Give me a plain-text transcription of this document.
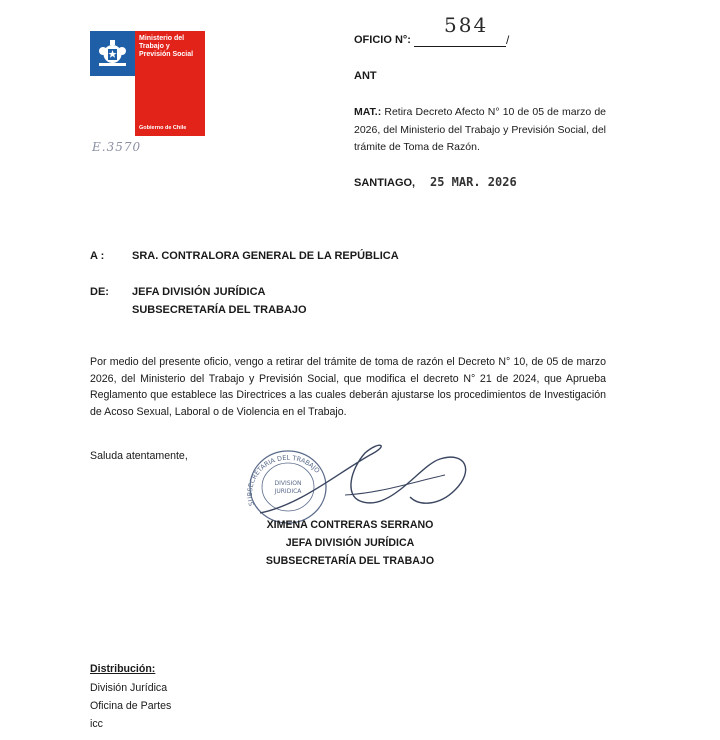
Ministerio del Trabajo y Previsión Social
Gobierno de Chile
E.3570
584
OFICIO N°:	/
ANT
MAT.: Retira Decreto Afecto N° 10 de 05 de marzo de 2026, del Ministerio del Trabajo y Previsión Social, del trámite de Toma de Razón.
SANTIAGO, 25 MAR. 2026
A :	SRA. CONTRALORA GENERAL DE LA REPÚBLICA
DE: JEFA DIVISIÓN JURÍDICA
SUBSECRETARÍA DEL TRABAJO
Por medio del presente oficio, vengo a retirar del trámite de toma de razón el Decreto N° 10, de 05 de marzo 2026, del Ministerio del Trabajo y Previsión Social, que modifica el decreto N° 21 de 2024, que Aprueba Reglamento que establece las Directrices a las cuales deberán ajustarse los procedimientos de Investigación de Acoso Sexual, Laboral o de Violencia en el Trabajo.
Saluda atentamente,
SUBSECRETARIA DEL TRABAJO
DIVISION
JURIDICA
XIMENA CONTRERAS SERRANO
JEFA DIVISIÓN JURÍDICA
SUBSECRETARÍA DEL TRABAJO
Distribución:
División Jurídica
Oficina de Partes
icc
